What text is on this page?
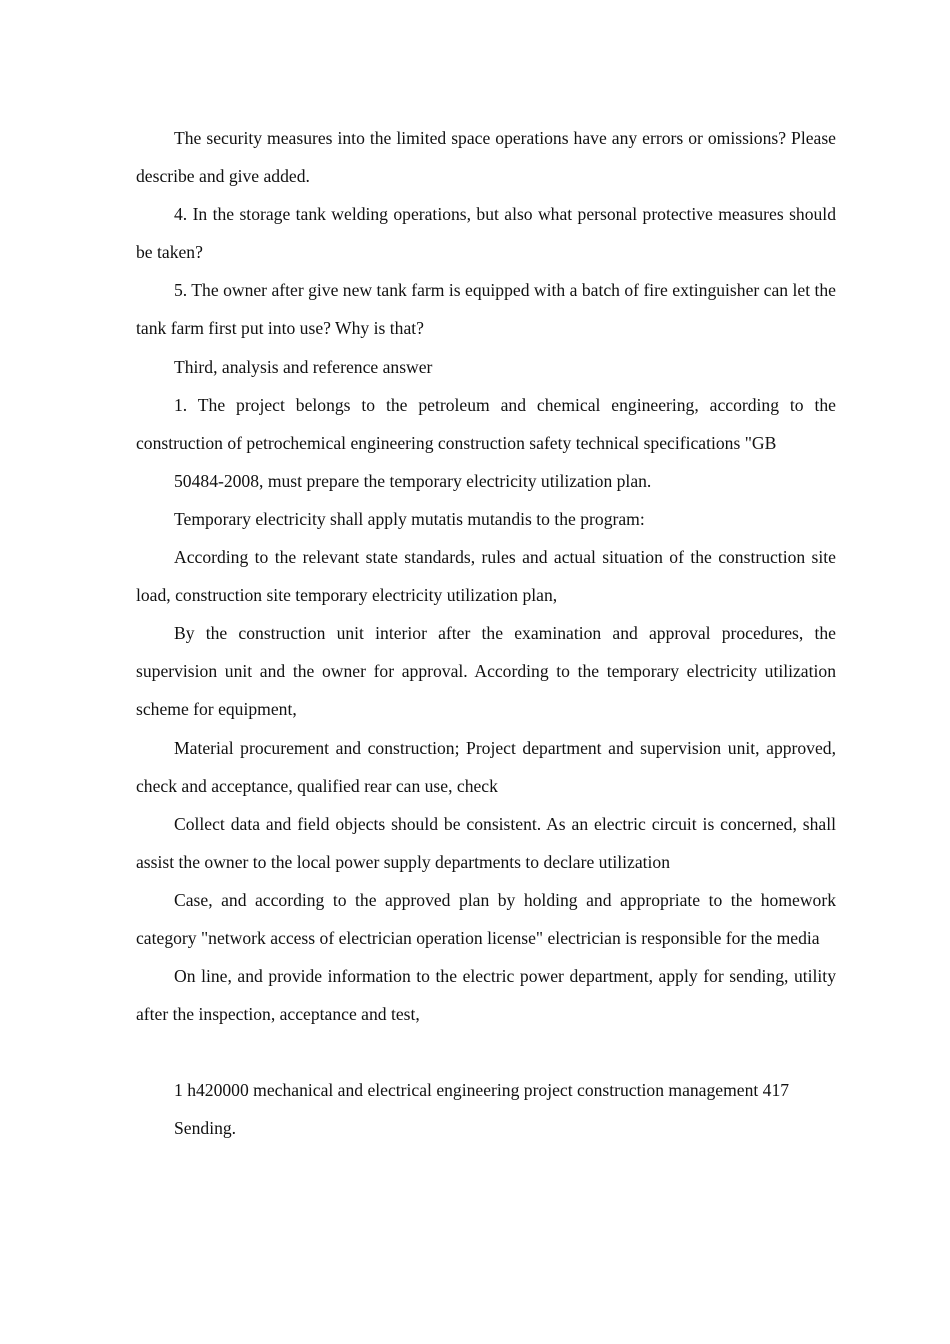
The security measures into the limited space operations have any errors or omissions? Please describe and give added.

4. In the storage tank welding operations, but also what personal protective measures should be taken?

5. The owner after give new tank farm is equipped with a batch of fire extinguisher can let the tank farm first put into use? Why is that?

Third, analysis and reference answer

1. The project belongs to the petroleum and chemical engineering, according to the construction of petrochemical engineering construction safety technical specifications "GB

50484-2008, must prepare the temporary electricity utilization plan.

Temporary electricity shall apply mutatis mutandis to the program:

According to the relevant state standards, rules and actual situation of the construction site load, construction site temporary electricity utilization plan,

By the construction unit interior after the examination and approval procedures, the supervision unit and the owner for approval. According to the temporary electricity utilization scheme for equipment,

Material procurement and construction; Project department and supervision unit, approved, check and acceptance, qualified rear can use, check

Collect data and field objects should be consistent. As an electric circuit is concerned, shall assist the owner to the local power supply departments to declare utilization

Case, and according to the approved plan by holding and appropriate to the homework category "network access of electrician operation license" electrician is responsible for the media

On line, and provide information to the electric power department, apply for sending, utility after the inspection, acceptance and test,

1 h420000 mechanical and electrical engineering project construction management 417

Sending.
